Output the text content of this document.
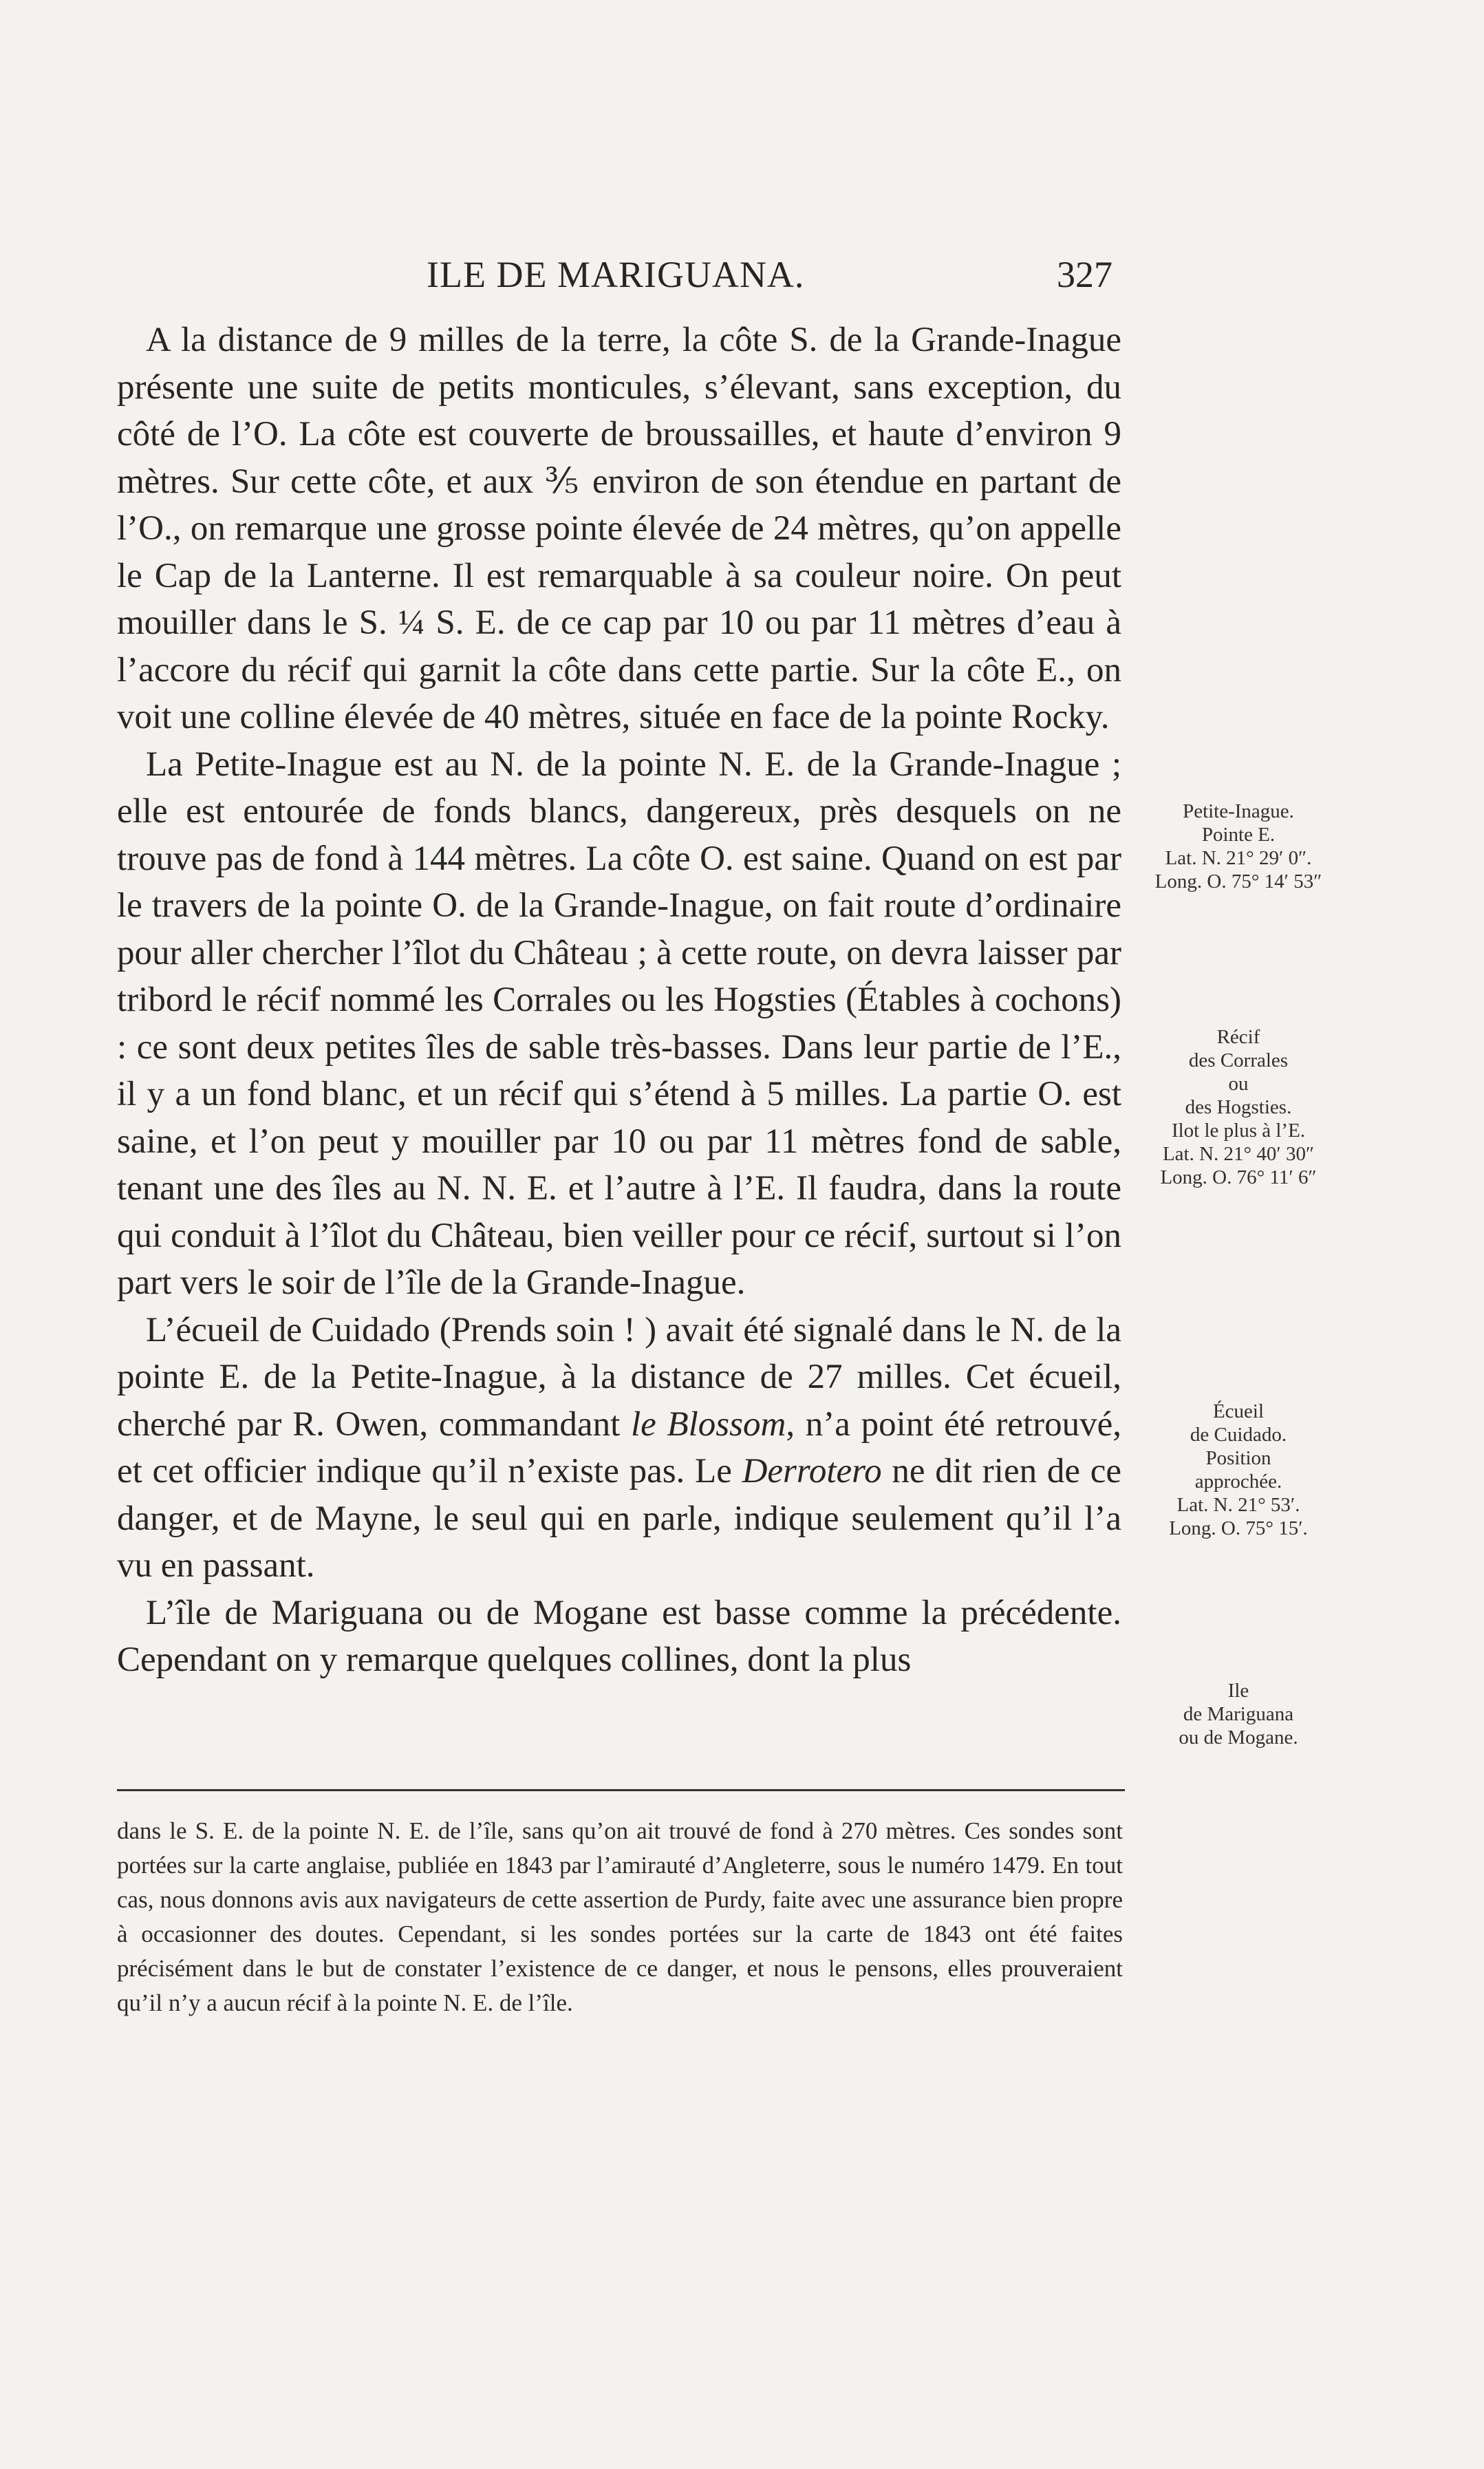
ILE DE MARIGUANA.	327

A la distance de 9 milles de la terre, la côte S. de la Grande-Inague présente une suite de petits monticules, s’élevant, sans exception, du côté de l’O. La côte est couverte de broussailles, et haute d’environ 9 mètres. Sur cette côte, et aux ⅗ environ de son étendue en partant de l’O., on remarque une grosse pointe élevée de 24 mètres, qu’on appelle le Cap de la Lanterne. Il est remarquable à sa couleur noire. On peut mouiller dans le S. ¼ S. E. de ce cap par 10 ou par 11 mètres d’eau à l’accore du récif qui garnit la côte dans cette partie. Sur la côte E., on voit une colline élevée de 40 mètres, située en face de la pointe Rocky.

La Petite-Inague est au N. de la pointe N. E. de la Grande-Inague ; elle est entourée de fonds blancs, dangereux, près desquels on ne trouve pas de fond à 144 mètres. La côte O. est saine. Quand on est par le travers de la pointe O. de la Grande-Inague, on fait route d’ordinaire pour aller chercher l’îlot du Château ; à cette route, on devra laisser par tribord le récif nommé les Corrales ou les Hogsties (Étables à cochons) : ce sont deux petites îles de sable très-basses. Dans leur partie de l’E., il y a un fond blanc, et un récif qui s’étend à 5 milles. La partie O. est saine, et l’on peut y mouiller par 10 ou par 11 mètres fond de sable, tenant une des îles au N. N. E. et l’autre à l’E. Il faudra, dans la route qui conduit à l’îlot du Château, bien veiller pour ce récif, surtout si l’on part vers le soir de l’île de la Grande-Inague.

L’écueil de Cuidado (Prends soin ! ) avait été signalé dans le N. de la pointe E. de la Petite-Inague, à la distance de 27 milles. Cet écueil, cherché par R. Owen, commandant le Blossom, n’a point été retrouvé, et cet officier indique qu’il n’existe pas. Le Derrotero ne dit rien de ce danger, et de Mayne, le seul qui en parle, indique seulement qu’il l’a vu en passant.

L’île de Mariguana ou de Mogane est basse comme la précédente. Cependant on y remarque quelques collines, dont la plus

Petite-Inague.
Pointe E.
Lat. N. 21° 29′ 0″.
Long. O. 75° 14′ 53″
Récif
des Corrales
ou
des Hogsties.
Ilot le plus à l’E.
Lat. N. 21° 40′ 30″
Long. O. 76° 11′ 6″
Écueil
de Cuidado.
Position
approchée.
Lat. N. 21° 53′.
Long. O. 75° 15′.
Ile
de Mariguana
ou de Mogane.

dans le S. E. de la pointe N. E. de l’île, sans qu’on ait trouvé de fond à 270 mètres. Ces sondes sont portées sur la carte anglaise, publiée en 1843 par l’amirauté d’Angleterre, sous le numéro 1479. En tout cas, nous donnons avis aux navigateurs de cette assertion de Purdy, faite avec une assurance bien propre à occasionner des doutes. Cependant, si les sondes portées sur la carte de 1843 ont été faites précisément dans le but de constater l’existence de ce danger, et nous le pensons, elles prouveraient qu’il n’y a aucun récif à la pointe N. E. de l’île.
